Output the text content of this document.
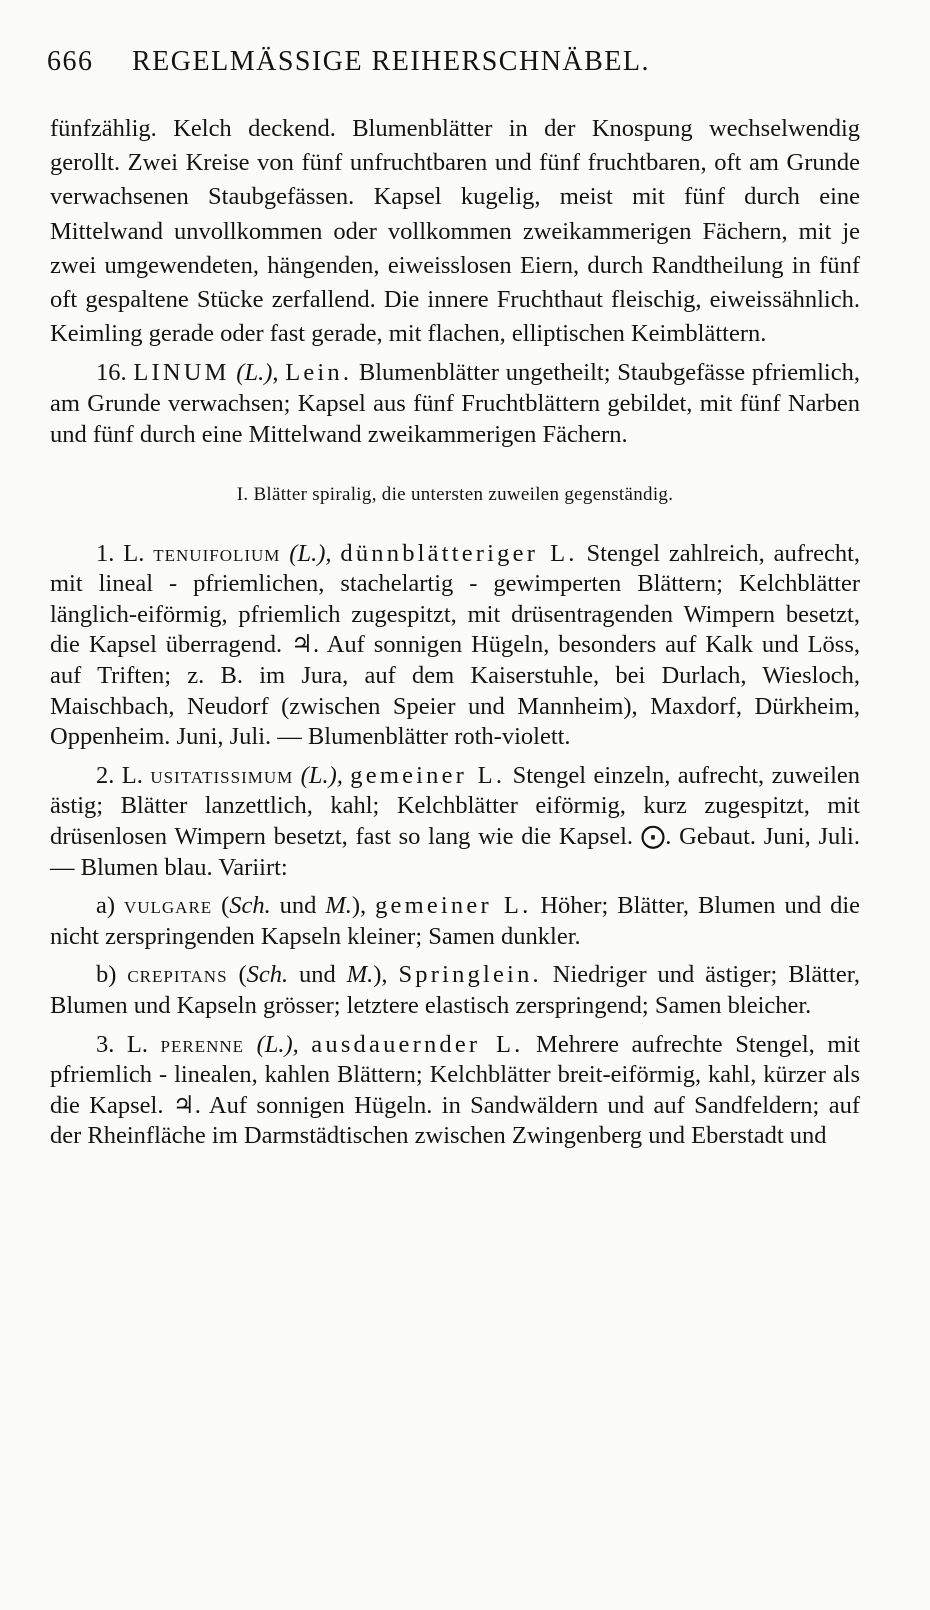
666 REGELMÄSSIGE REIHERSCHNÄBEL.

fünfzählig. Kelch deckend. Blumenblätter in der Knospung wechselwendig gerollt. Zwei Kreise von fünf unfruchtbaren und fünf fruchtbaren, oft am Grunde verwachsenen Staubgefässen. Kapsel kugelig, meist mit fünf durch eine Mittelwand unvollkommen oder vollkommen zweikammerigen Fächern, mit je zwei umgewendeten, hängenden, eiweisslosen Eiern, durch Randtheilung in fünf oft gespaltene Stücke zerfallend. Die innere Fruchthaut fleischig, eiweissähnlich. Keimling gerade oder fast gerade, mit flachen, elliptischen Keimblättern.

16. LINUM (L.), Lein. Blumenblätter ungetheilt; Staubgefässe pfriemlich, am Grunde verwachsen; Kapsel aus fünf Fruchtblättern gebildet, mit fünf Narben und fünf durch eine Mittelwand zweikammerigen Fächern.

I. Blätter spiralig, die untersten zuweilen gegenständig.

1. L. tenuifolium (L.), dünnblätteriger L. Stengel zahlreich, aufrecht, mit lineal - pfriemlichen, stachelartig - gewimperten Blättern; Kelchblätter länglich-eiförmig, pfriemlich zugespitzt, mit drüsentragenden Wimpern besetzt, die Kapsel überragend. ♃. Auf sonnigen Hügeln, besonders auf Kalk und Löss, auf Triften; z. B. im Jura, auf dem Kaiserstuhle, bei Durlach, Wiesloch, Maischbach, Neudorf (zwischen Speier und Mannheim), Maxdorf, Dürkheim, Oppenheim. Juni, Juli. — Blumenblätter roth-violett.

2. L. usitatissimum (L.), gemeiner L. Stengel einzeln, aufrecht, zuweilen ästig; Blätter lanzettlich, kahl; Kelchblätter eiförmig, kurz zugespitzt, mit drüsenlosen Wimpern besetzt, fast so lang wie die Kapsel. ⨀. Gebaut. Juni, Juli. — Blumen blau. Variirt:

a) vulgare (Sch. und M.), gemeiner L. Höher; Blätter, Blumen und die nicht zerspringenden Kapseln kleiner; Samen dunkler.

b) crepitans (Sch. und M.), Springlein. Niedriger und ästiger; Blätter, Blumen und Kapseln grösser; letztere elastisch zerspringend; Samen bleicher.

3. L. perenne (L.), ausdauernder L. Mehrere aufrechte Stengel, mit pfriemlich - linealen, kahlen Blättern; Kelchblätter breit-eiförmig, kahl, kürzer als die Kapsel. ♃. Auf sonnigen Hügeln. in Sandwäldern und auf Sandfeldern; auf der Rheinfläche im Darmstädtischen zwischen Zwingenberg und Eberstadt und
